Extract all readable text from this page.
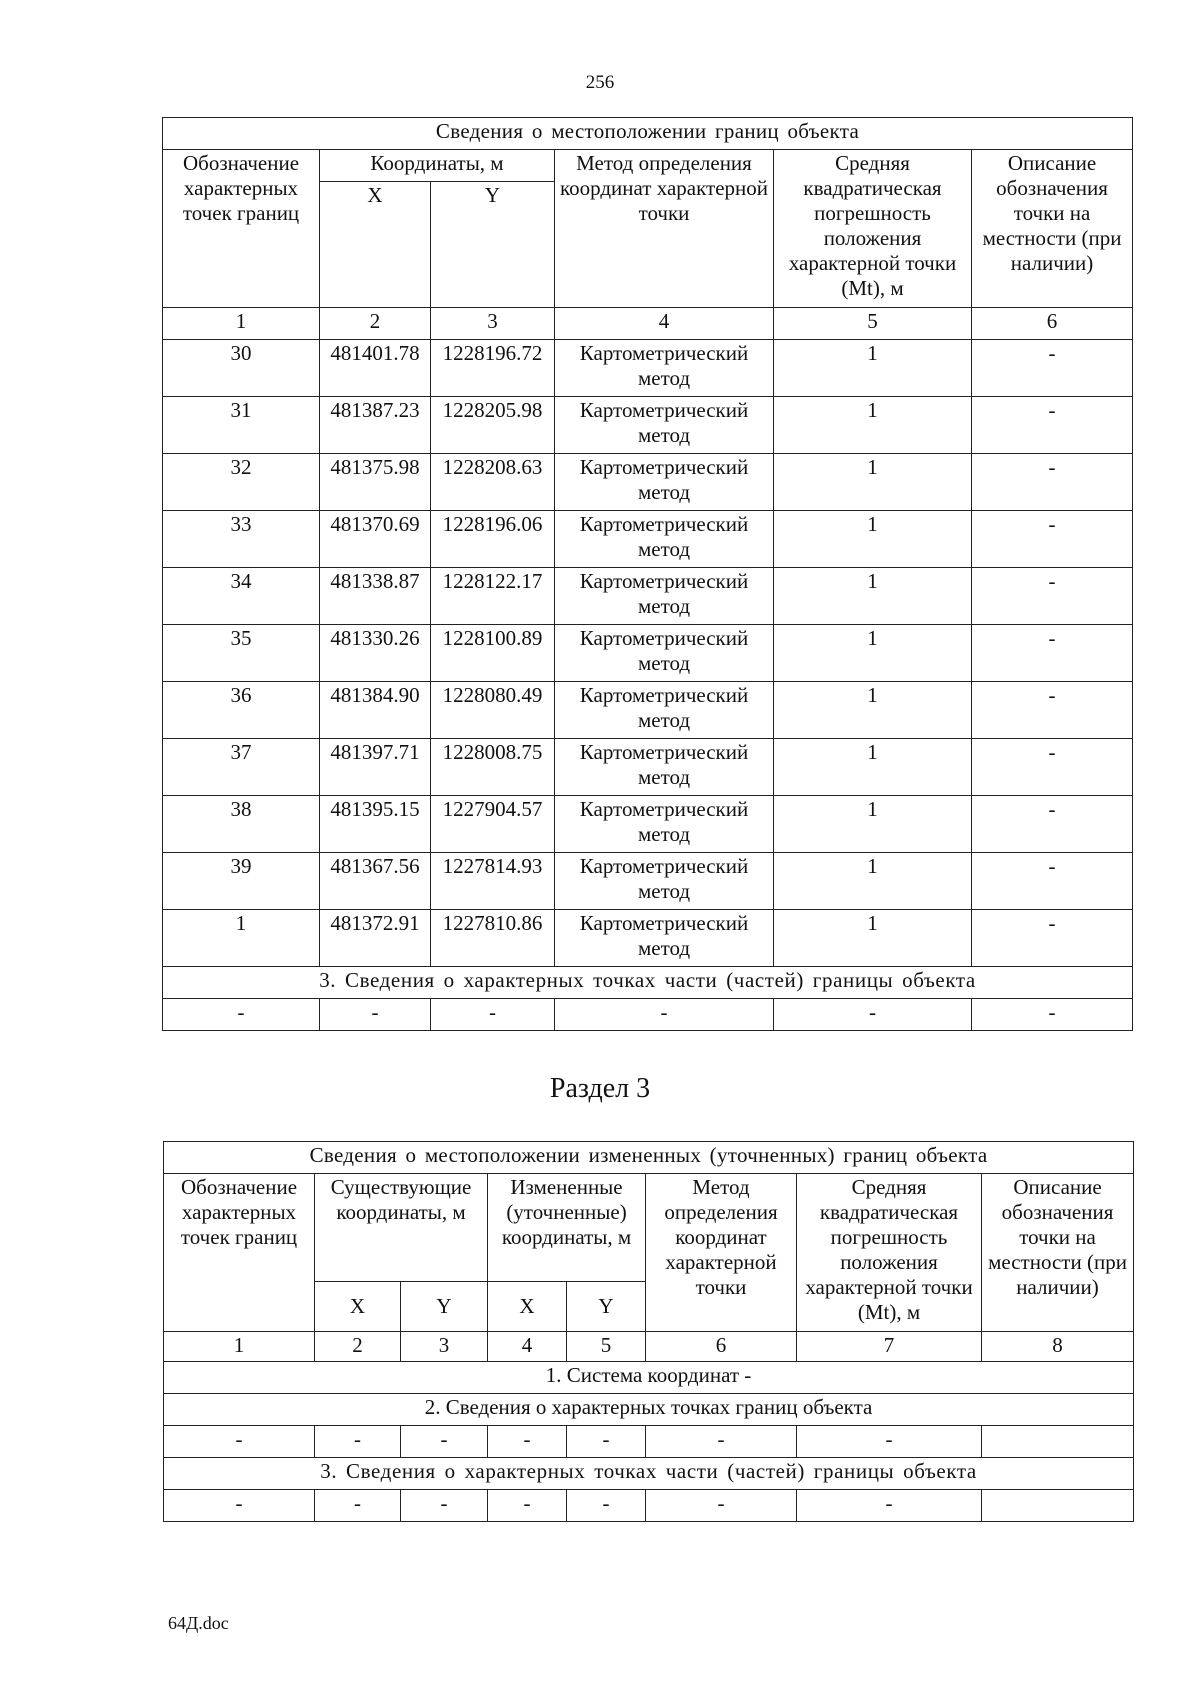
256
Сведения о местоположении границ объекта					
Обозначение характерных точек границ	Координаты, м		Метод определения координат характерной точки	Средняя квадратическая погрешность положения характерной точки (Mt), м	Описание обозначения точки на местности (при наличии)
	X	Y			
1	2	3	4	5	6
30	481401.78	1228196.72	Картометрический метод	1	-
31	481387.23	1228205.98	Картометрический метод	1	-
32	481375.98	1228208.63	Картометрический метод	1	-
33	481370.69	1228196.06	Картометрический метод	1	-
34	481338.87	1228122.17	Картометрический метод	1	-
35	481330.26	1228100.89	Картометрический метод	1	-
36	481384.90	1228080.49	Картометрический метод	1	-
37	481397.71	1228008.75	Картометрический метод	1	-
38	481395.15	1227904.57	Картометрический метод	1	-
39	481367.56	1227814.93	Картометрический метод	1	-
1	481372.91	1227810.86	Картометрический метод	1	-
3. Сведения о характерных точках части (частей) границы объекта					
-	-	-	-	-	-
Раздел 3
Сведения о местоположении измененных (уточненных) границ объекта							
Обозначение характерных точек границ	Существующие координаты, м		Измененные (уточненные) координаты, м		Метод определения координат характерной точки	Средняя квадратическая погрешность положения характерной точки (Mt), м	Описание обозначения точки на местности (при наличии)
	X	Y	X	Y			
1	2	3	4	5	6	7	8
1. Система координат -							
2. Сведения о характерных точках границ объекта							
-	-	-	-	-	-	-	
3. Сведения о характерных точках части (частей) границы объекта							
-	-	-	-	-	-	-	
64Д.doc
